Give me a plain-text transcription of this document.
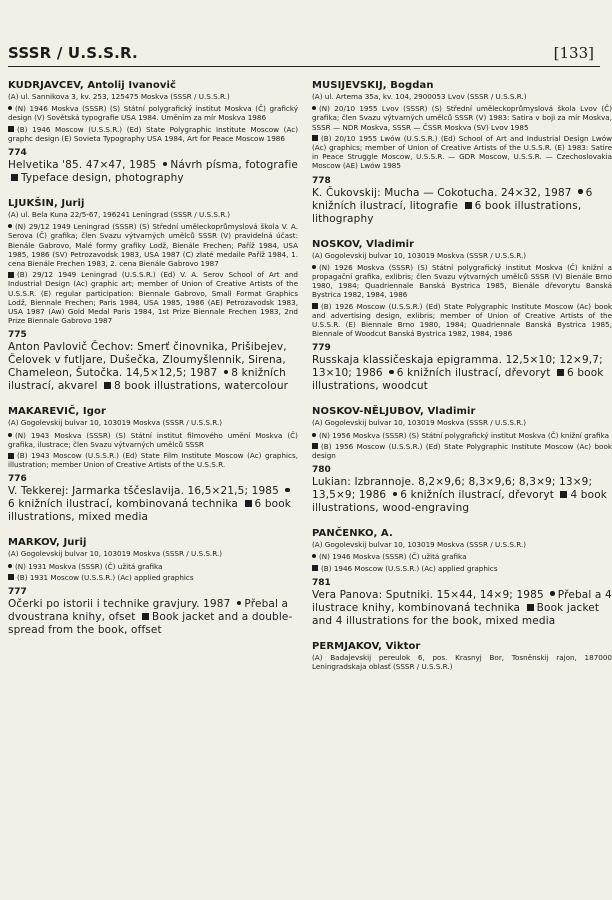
SSSR / U.S.S.R.	[133]
KUDRJAVCEV, Antolij Ivanovič
(A) ul. Sannikova 3, kv. 253, 125475 Moskva (SSSR / U.S.S.R.)
(N) 1946 Moskva (SSSR) (S) Státní polygrafický institut Moskva (Č) grafický design (V) Sovětská typografie USA 1984. Uměním za mír Moskva 1986
(B) 1946 Moscow (U.S.S.R.) (Ed) State Polygraphic Institute Moscow (Ac) graphc design (E) Sovieta Typography USA 1984, Art for Peace Moscow 1986
774
Helvetika '85. 47×47, 1985 Návrh písma, fotografie Typeface design, photography
LJUKŠIN, Jurij
(A) ul. Bela Kuna 22/5-67, 196241 Leningrad (SSSR / U.S.S.R.)
(N) 29/12 1949 Leningrad (SSSR) (S) Střední uměleckoprůmyslová škola V. A. Serova (Č) grafika; člen Svazu výtvarných umělců SSSR (V) pravidelná účast: Bienále Gabrovo, Malé formy grafiky Lodž, Bienále Frechen; Paříž 1984, USA 1985, 1986 (SV) Petrozavodsk 1983, USA 1987 (C) zlaté medaile Paříž 1984, 1. cena Bienále Frechen 1983, 2. cena Bienále Gabrovo 1987
(B) 29/12 1949 Leningrad (U.S.S.R.) (Ed) V. A. Serov School of Art and Industrial Design (Ac) graphic art; member of Union of Creative Artists of the U.S.S.R. (E) regular participation: Biennale Gabrovo, Small Format Graphics Lodž, Biennale Frechen; Paris 1984, USA 1985, 1986 (AE) Petrozavodsk 1983, USA 1987 (Aw) Gold Medal Paris 1984, 1st Prize Biennale Frechen 1983, 2nd Prize Biennale Gabrovo 1987
775
Anton Pavlovič Čechov: Smerť činovnika, Prišibejev, Čelovek v futljare, Dušečka, Zloumyšlennik, Sirena, Chameleon, Šutočka. 14,5×12,5; 1987 8 knižních ilustrací, akvarel 8 book illustrations, watercolour
MAKAREVIČ, Igor
(A) Gogolevskij bulvar 10, 103019 Moskva (SSSR / U.S.S.R.)
(N) 1943 Moskva (SSSR) (S) Státní institut filmového umění Moskva (Č) grafika, ilustrace; člen Svazu výtvarných umělců SSSR
(B) 1943 Moscow (U.S.S.R.) (Ed) State Film Institute Moscow (Ac) graphics, illustration; member Union of Creative Artists of the U.S.S.R.
776
V. Tekkerej: Jarmarka tščeslavija. 16,5×21,5; 1985 6 knižních ilustrací, kombinovaná technika 6 book illustrations, mixed media
MARKOV, Jurij
(A) Gogolevskij bulvar 10, 103019 Moskva (SSSR / U.S.S.R.)
(N) 1931 Moskva (SSSR) (Č) užitá grafika
(B) 1931 Moscow (U.S.S.R.) (Ac) applied graphics
777
Očerki po istorii i technike gravjury. 1987 Přebal a dvoustrana knihy, ofset Book jacket and a double-spread from the book, offset
MUSIJEVSKIJ, Bogdan
(A) ul. Artema 35a, kv. 104, 2900053 Lvov (SSSR / U.S.S.R.)
(N) 20/10 1955 Lvov (SSSR) (S) Střední uměleckoprůmyslová škola Lvov (Č) grafika; člen Svazu výtvarných umělců SSSR (V) 1983: Satira v boji za mír Moskva, SSSR — NDR Moskva, SSSR — ČSSR Moskva (SV) Lvov 1985
(B) 20/10 1955 Lwów (U.S.S.R.) (Ed) School of Art and Industrial Design Lwów (Ac) graphics; member of Union of Creative Artists of the U.S.S.R. (E) 1983: Satire in Peace Struggle Moscow, U.S.S.R. — GDR Moscow, U.S.S.R. — Czechoslovakia Moscow (AE) Lwów 1985
778
K. Čukovskij: Mucha — Cokotucha. 24×32, 1987 6 knižních ilustrací, litografie 6 book illustrations, lithography
NOSKOV, Vladimir
(A) Gogolevskij bulvar 10, 103019 Moskva (SSSR / U.S.S.R.)
(N) 1926 Moskva (SSSR) (S) Státní polygrafický institut Moskva (Č) knižní a propagační grafika, exlibris; člen Svazu výtvarných umělců SSSR (V) Bienále Brno 1980, 1984; Quadriennale Banská Bystrica 1985, Bienále dřevorytu Banská Bystrica 1982, 1984, 1986
(B) 1926 Moscow (U.S.S.R.) (Ed) State Polygraphic Institute Moscow (Ac) book and advertising design, exlibris; member of Union of Creative Artists of the U.S.S.R. (E) Biennale Brno 1980, 1984; Quadriennale Banská Bystrica 1985, Biennale of Woodcut Banská Bystrica 1982, 1984, 1986
779
Russkaja klassičeskaja epigramma. 12,5×10; 12×9,7; 13×10; 1986 6 knižních ilustrací, dřevoryt 6 book illustrations, woodcut
NOSKOV-NĚLJUBOV, Vladimir
(A) Gogolevskij bulvar 10, 103019 Moskva (SSSR / U.S.S.R.)
(N) 1956 Moskva (SSSR) (S) Státní polygrafický institut Moskva (Č) knižní grafika
(B) 1956 Moscow (U.S.S.R.) (Ed) State Polygraphic Institute Moscow (Ac) book design
780
Lukian: Izbrannoje. 8,2×9,6; 8,3×9,6; 8,3×9; 13×9; 13,5×9; 1986 6 knižních ilustrací, dřevoryt 4 book illustrations, wood-engraving
PANČENKO, A.
(A) Gogolevskij bulvar 10, 103019 Moskva (SSSR / U.S.S.R.)
(N) 1946 Moskva (SSSR) (Č) užitá grafika
(B) 1946 Moscow (U.S.S.R.) (Ac) applied graphics
781
Vera Panova: Sputniki. 15×44, 14×9; 1985 Přebal a 4 ilustrace knihy, kombinovaná technika Book jacket and 4 illustrations for the book, mixed media
PERMJAKOV, Viktor
(A) Badajevskij pereulok 6, pos. Krasnyj Bor, Tosněnskij rajon, 187000 Leningradskaja oblasť (SSSR / U.S.S.R.)
